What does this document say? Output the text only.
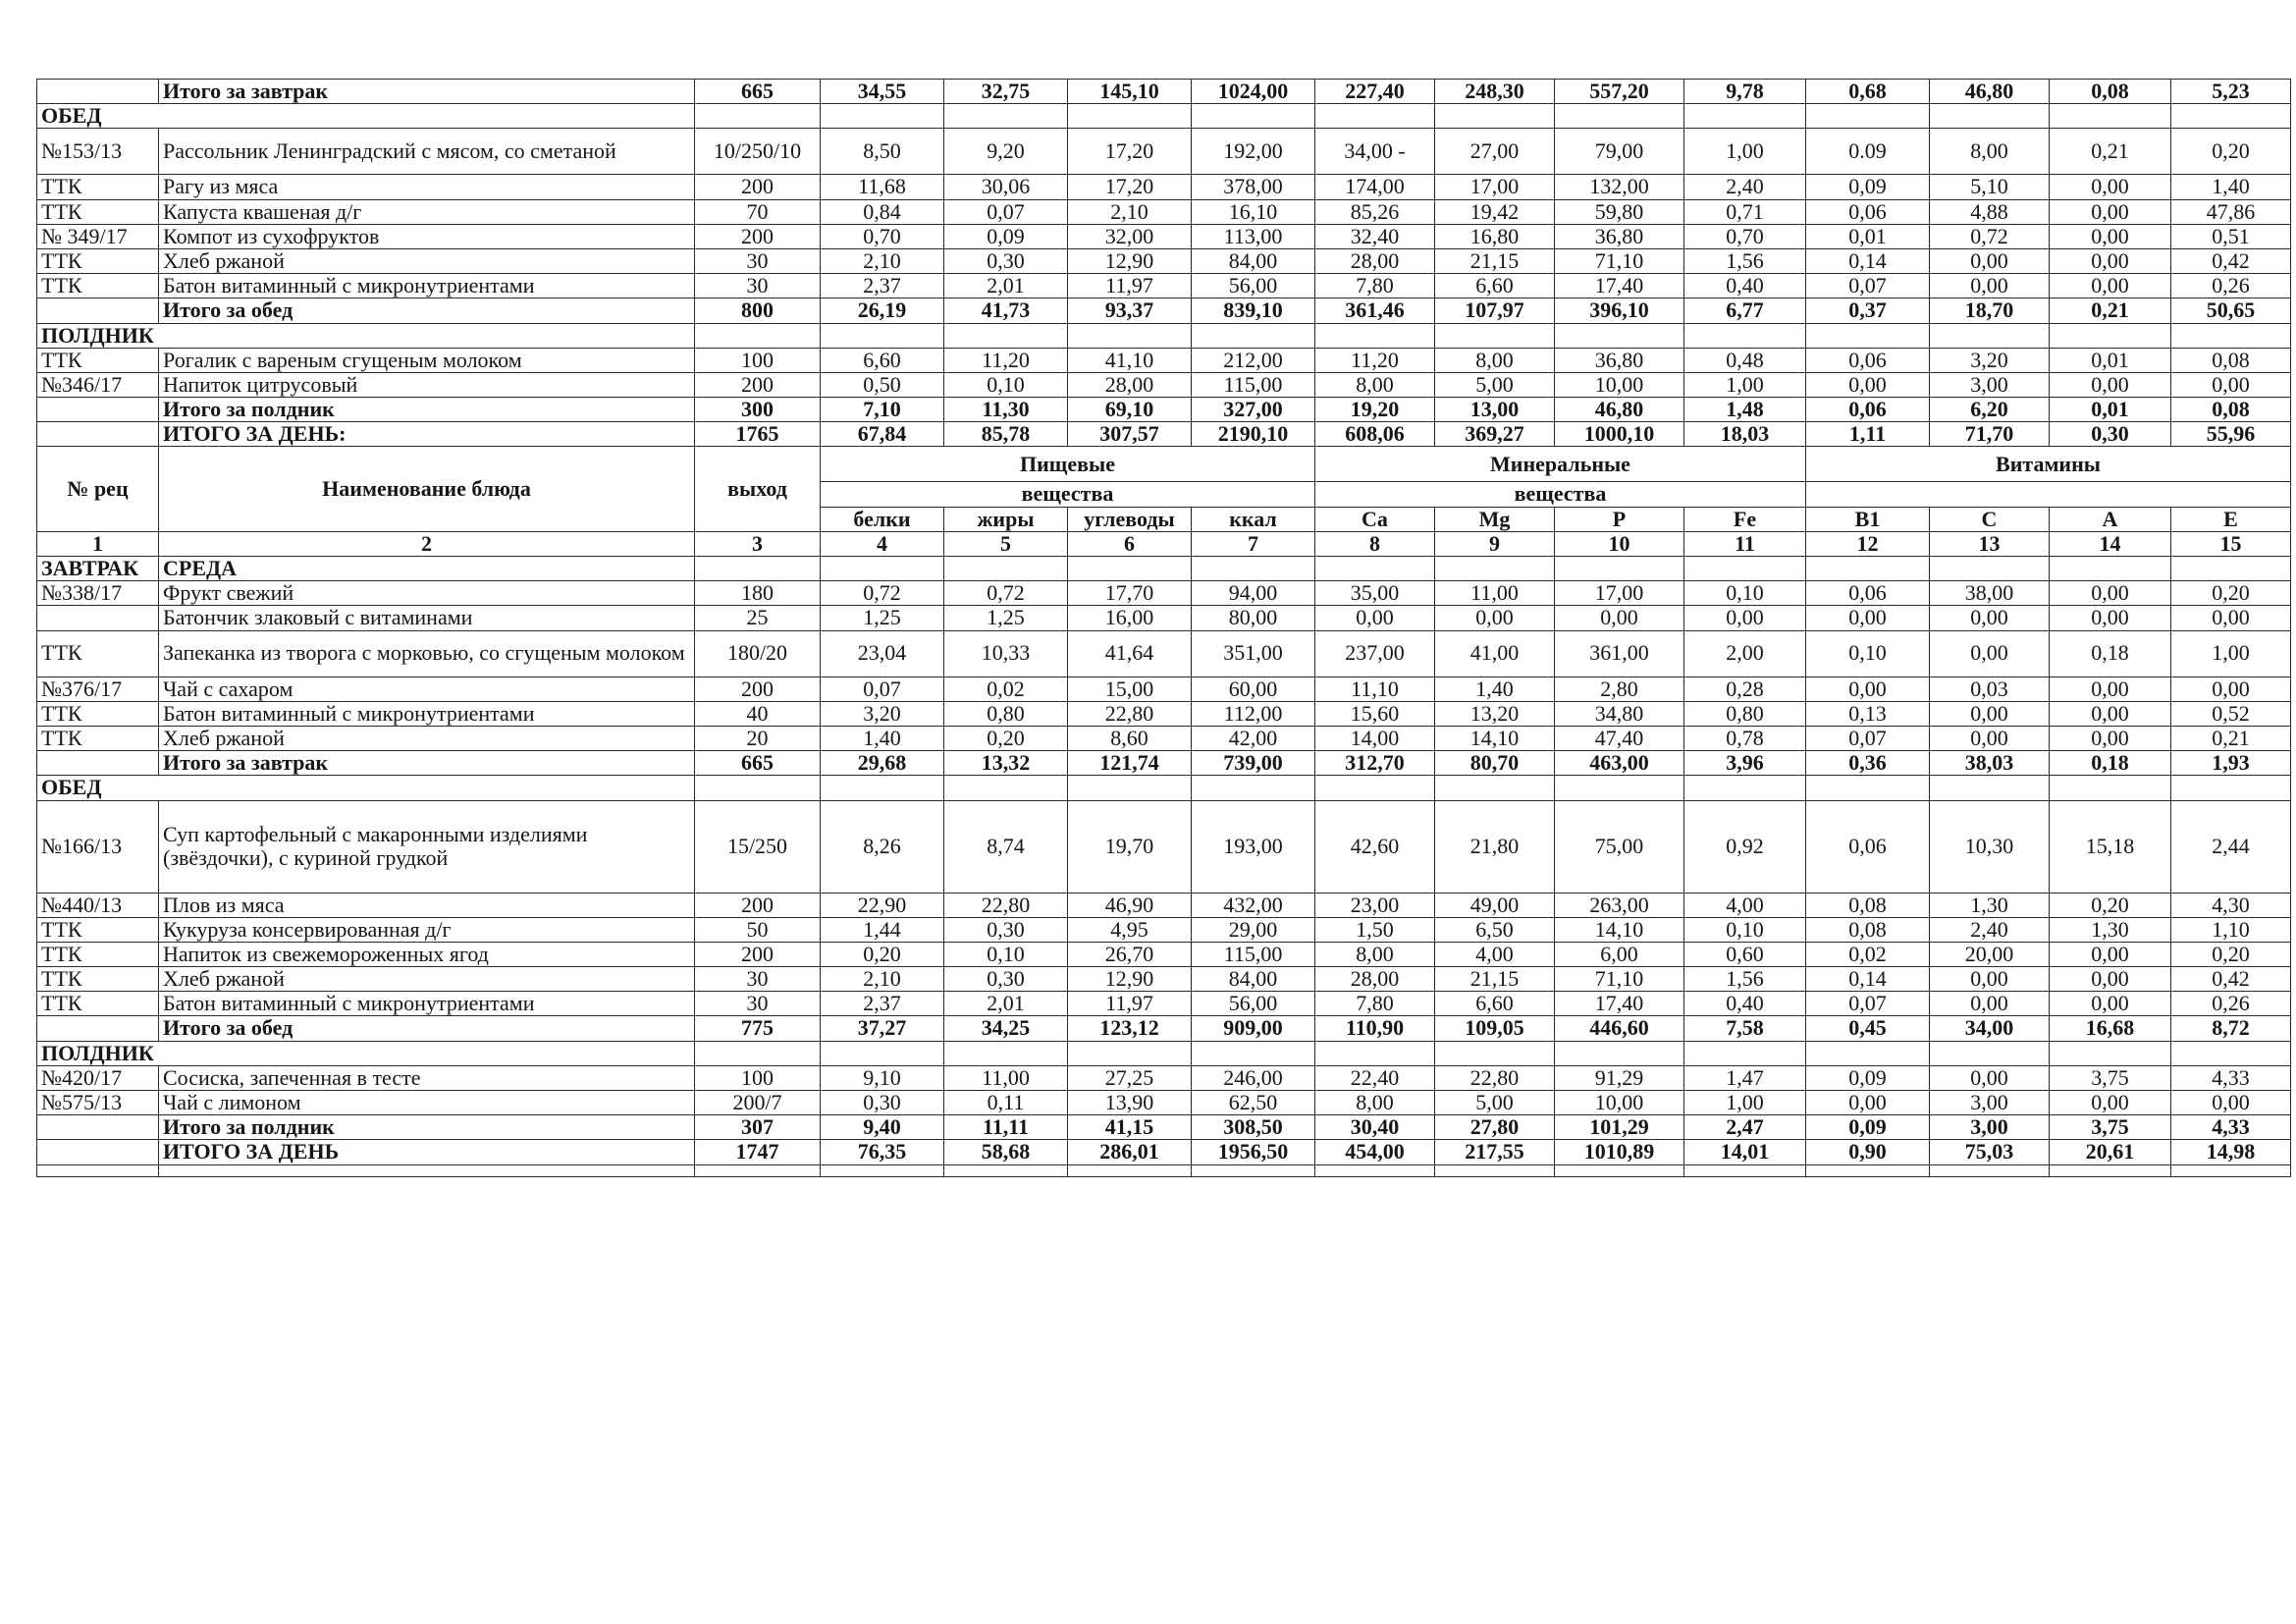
	Итого за завтрак	665	34,55	32,75	145,10	1024,00	227,40	248,30	557,20	9,78	0,68	46,80	0,08	5,23
ОБЕД														
№153/13	Рассольник Ленинградский с мясом, со сметаной	10/250/10	8,50	9,20	17,20	192,00	34,00 -	27,00	79,00	1,00	0.09	8,00	0,21	0,20
ТТК	Рагу из мяса	200	11,68	30,06	17,20	378,00	174,00	17,00	132,00	2,40	0,09	5,10	0,00	1,40
ТТК	Капуста квашеная д/г	70	0,84	0,07	2,10	16,10	85,26	19,42	59,80	0,71	0,06	4,88	0,00	47,86
№ 349/17	Компот из сухофруктов	200	0,70	0,09	32,00	113,00	32,40	16,80	36,80	0,70	0,01	0,72	0,00	0,51
ТТК	Хлеб ржаной	30	2,10	0,30	12,90	84,00	28,00	21,15	71,10	1,56	0,14	0,00	0,00	0,42
ТТК	Батон витаминный с микронутриентами	30	2,37	2,01	11,97	56,00	7,80	6,60	17,40	0,40	0,07	0,00	0,00	0,26
	Итого за обед	800	26,19	41,73	93,37	839,10	361,46	107,97	396,10	6,77	0,37	18,70	0,21	50,65
ПОЛДНИК														
ТТК	Рогалик с вареным сгущеным молоком	100	6,60	11,20	41,10	212,00	11,20	8,00	36,80	0,48	0,06	3,20	0,01	0,08
№346/17	Напиток цитрусовый	200	0,50	0,10	28,00	115,00	8,00	5,00	10,00	1,00	0,00	3,00	0,00	0,00
	Итого за полдник	300	7,10	11,30	69,10	327,00	19,20	13,00	46,80	1,48	0,06	6,20	0,01	0,08
	ИТОГО ЗА ДЕНЬ:	1765	67,84	85,78	307,57	2190,10	608,06	369,27	1000,10	18,03	1,11	71,70	0,30	55,96
№ рец	Наименование блюда	выход	Пищевые				Минеральные				Витамины			
			вещества				вещества							
			белки	жиры	углеводы	ккал	Ca	Mg	P	Fe	B1	C	A	E
1	2	3	4	5	6	7	8	9	10	11	12	13	14	15
ЗАВТРАК	СРЕДА													
№338/17	Фрукт свежий	180	0,72	0,72	17,70	94,00	35,00	11,00	17,00	0,10	0,06	38,00	0,00	0,20
	Батончик злаковый с витаминами	25	1,25	1,25	16,00	80,00	0,00	0,00	0,00	0,00	0,00	0,00	0,00	0,00
ТТК	Запеканка из творога с морковью, со сгущеным молоком	180/20	23,04	10,33	41,64	351,00	237,00	41,00	361,00	2,00	0,10	0,00	0,18	1,00
№376/17	Чай с сахаром	200	0,07	0,02	15,00	60,00	11,10	1,40	2,80	0,28	0,00	0,03	0,00	0,00
ТТК	Батон витаминный с микронутриентами	40	3,20	0,80	22,80	112,00	15,60	13,20	34,80	0,80	0,13	0,00	0,00	0,52
ТТК	Хлеб ржаной	20	1,40	0,20	8,60	42,00	14,00	14,10	47,40	0,78	0,07	0,00	0,00	0,21
	Итого за завтрак	665	29,68	13,32	121,74	739,00	312,70	80,70	463,00	3,96	0,36	38,03	0,18	1,93
ОБЕД														
№166/13	Суп картофельный с макаронными изделиями (звёздочки), с куриной грудкой	15/250	8,26	8,74	19,70	193,00	42,60	21,80	75,00	0,92	0,06	10,30	15,18	2,44
№440/13	Плов из мяса	200	22,90	22,80	46,90	432,00	23,00	49,00	263,00	4,00	0,08	1,30	0,20	4,30
ТТК	Кукуруза консервированная д/г	50	1,44	0,30	4,95	29,00	1,50	6,50	14,10	0,10	0,08	2,40	1,30	1,10
ТТК	Напиток из свежемороженных ягод	200	0,20	0,10	26,70	115,00	8,00	4,00	6,00	0,60	0,02	20,00	0,00	0,20
ТТК	Хлеб ржаной	30	2,10	0,30	12,90	84,00	28,00	21,15	71,10	1,56	0,14	0,00	0,00	0,42
ТТК	Батон витаминный с микронутриентами	30	2,37	2,01	11,97	56,00	7,80	6,60	17,40	0,40	0,07	0,00	0,00	0,26
	Итого за обед	775	37,27	34,25	123,12	909,00	110,90	109,05	446,60	7,58	0,45	34,00	16,68	8,72
ПОЛДНИК														
№420/17	Сосиска, запеченная в тесте	100	9,10	11,00	27,25	246,00	22,40	22,80	91,29	1,47	0,09	0,00	3,75	4,33
№575/13	Чай с лимоном	200/7	0,30	0,11	13,90	62,50	8,00	5,00	10,00	1,00	0,00	3,00	0,00	0,00
	Итого за полдник	307	9,40	11,11	41,15	308,50	30,40	27,80	101,29	2,47	0,09	3,00	3,75	4,33
	ИТОГО ЗА ДЕНЬ	1747	76,35	58,68	286,01	1956,50	454,00	217,55	1010,89	14,01	0,90	75,03	20,61	14,98
